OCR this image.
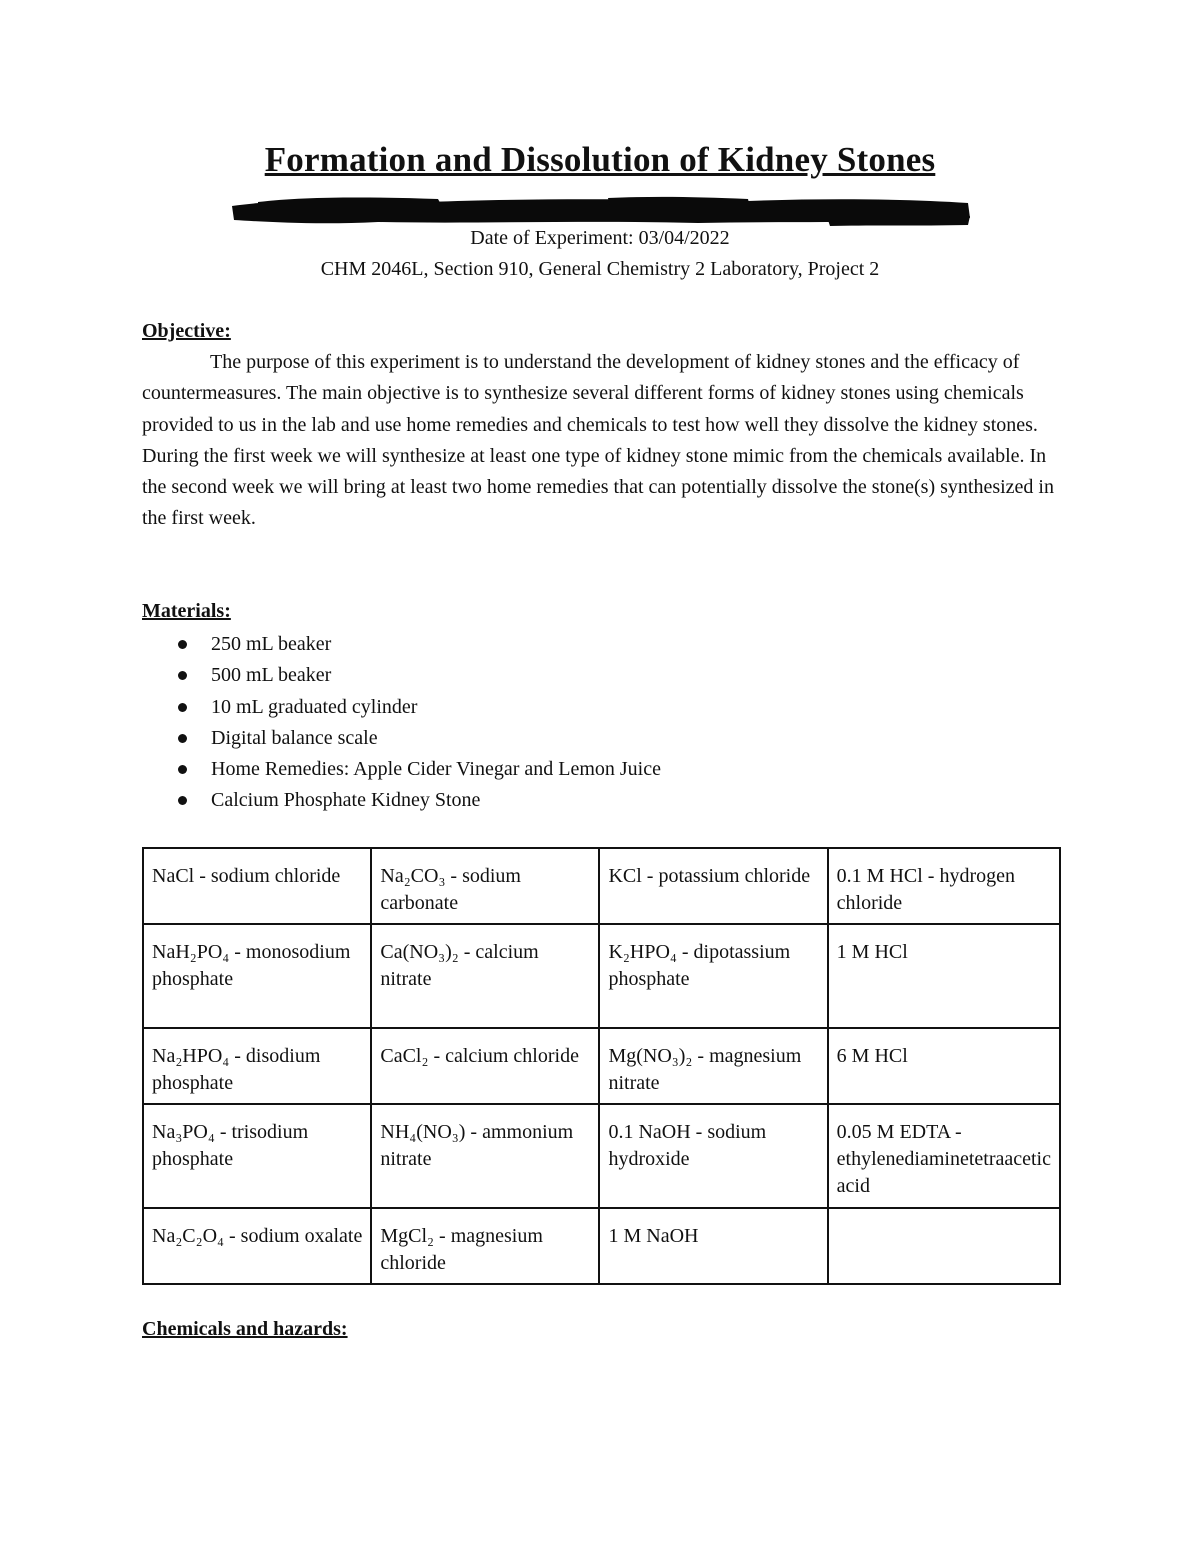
Formation and Dissolution of Kidney Stones
Date of Experiment: 03/04/2022
CHM 2046L, Section 910, General Chemistry 2 Laboratory, Project 2
Objective:
The purpose of this experiment is to understand the development of kidney stones and the efficacy of countermeasures. The main objective is to synthesize several different forms of kidney stones using chemicals provided to us in the lab and use home remedies and chemicals to test how well they dissolve the kidney stones. During the first week we will synthesize at least one type of kidney stone mimic from the chemicals available. In the second week we will bring at least two home remedies that can potentially dissolve the stone(s) synthesized in the first week.
Materials:
250 mL beaker
500 mL beaker
10 mL graduated cylinder
Digital balance scale
Home Remedies: Apple Cider Vinegar and Lemon Juice
Calcium Phosphate Kidney Stone
NaCl - sodium chloride	Na₂CO₃ - sodium carbonate	KCl - potassium chloride	0.1 M HCl - hydrogen chloride
NaH₂PO₄ - monosodium phosphate	Ca(NO₃)₂ - calcium nitrate	K₂HPO₄ - dipotassium phosphate	1 M HCl
Na₂HPO₄ - disodium phosphate	CaCl₂ - calcium chloride	Mg(NO₃)₂ - magnesium nitrate	6 M HCl
Na₃PO₄ - trisodium phosphate	NH₄(NO₃) - ammonium nitrate	0.1 NaOH - sodium hydroxide	0.05 M EDTA - ethylenediaminetetraacetic acid
Na₂C₂O₄ - sodium oxalate	MgCl₂ - magnesium chloride	1 M NaOH	
Chemicals and hazards:
